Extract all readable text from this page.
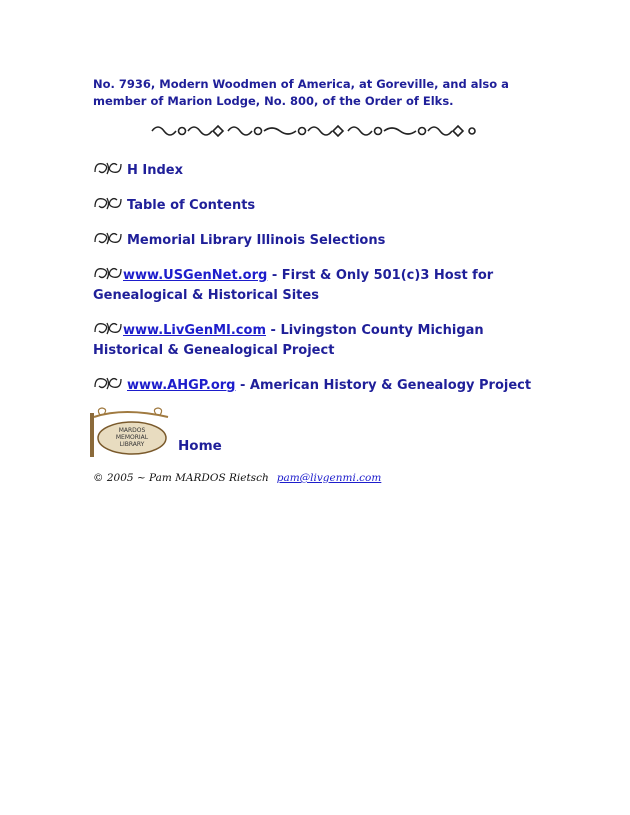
No. 7936, Modern Woodmen of America, at Goreville, and also a member of Marion Lodge, No. 800, of the Order of Elks.
H Index
Table of Contents
Memorial Library Illinois Selections
www.USGenNet.org - First & Only 501(c)3 Host for Genealogical & Historical Sites
www.LivGenMI.com - Livingston County Michigan Historical & Genealogical Project
www.AHGP.org - American History & Genealogy Project
MARDOS
MEMORIAL
LIBRARY Home
© 2005 ~ Pam MARDOS Rietsch pam@livgenmi.com
